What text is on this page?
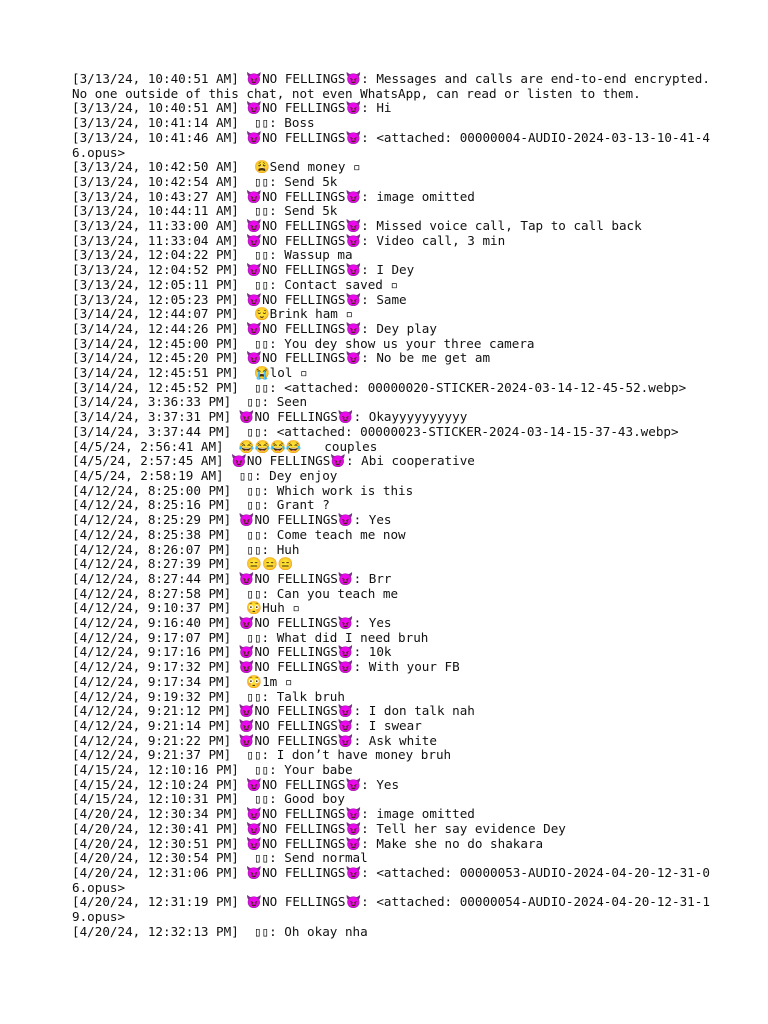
[3/13/24, 10:40:51 AM] 😈NO FELLINGS😈: Messages and calls are end-to-end encrypted. No one outside of this chat, not even WhatsApp, can read or listen to them.
[3/13/24, 10:40:51 AM] 😈NO FELLINGS😈: Hi
[3/13/24, 10:41:14 AM]  ▯▯: Boss
[3/13/24, 10:41:46 AM] 😈NO FELLINGS😈: <attached: 00000004-AUDIO-2024-03-13-10-41-46.opus>
[3/13/24, 10:42:50 AM]  😩Send money ▫
[3/13/24, 10:42:54 AM]  ▯▯: Send 5k
[3/13/24, 10:43:27 AM] 😈NO FELLINGS😈: image omitted
[3/13/24, 10:44:11 AM]  ▯▯: Send 5k
[3/13/24, 11:33:00 AM] 😈NO FELLINGS😈: Missed voice call, Tap to call back
[3/13/24, 11:33:04 AM] 😈NO FELLINGS😈: Video call, 3 min
[3/13/24, 12:04:22 PM]  ▯▯: Wassup ma
[3/13/24, 12:04:52 PM] 😈NO FELLINGS😈: I Dey
[3/13/24, 12:05:11 PM]  ▯▯: Contact saved ▫
[3/13/24, 12:05:23 PM] 😈NO FELLINGS😈: Same
[3/14/24, 12:44:07 PM]  😌Brink ham ▫
[3/14/24, 12:44:26 PM] 😈NO FELLINGS😈: Dey play
[3/14/24, 12:45:00 PM]  ▯▯: You dey show us your three camera
[3/14/24, 12:45:20 PM] 😈NO FELLINGS😈: No be me get am
[3/14/24, 12:45:51 PM]  😭lol ▫
[3/14/24, 12:45:52 PM]  ▯▯: <attached: 00000020-STICKER-2024-03-14-12-45-52.webp>
[3/14/24, 3:36:33 PM]  ▯▯: Seen
[3/14/24, 3:37:31 PM] 😈NO FELLINGS😈: Okayyyyyyyyyy
[3/14/24, 3:37:44 PM]  ▯▯: <attached: 00000023-STICKER-2024-03-14-15-37-43.webp>
[4/5/24, 2:56:41 AM]  😂😂😂😂   couples
[4/5/24, 2:57:45 AM] 😈NO FELLINGS😈: Abi cooperative
[4/5/24, 2:58:19 AM]  ▯▯: Dey enjoy
[4/12/24, 8:25:00 PM]  ▯▯: Which work is this
[4/12/24, 8:25:16 PM]  ▯▯: Grant ?
[4/12/24, 8:25:29 PM] 😈NO FELLINGS😈: Yes
[4/12/24, 8:25:38 PM]  ▯▯: Come teach me now
[4/12/24, 8:26:07 PM]  ▯▯: Huh
[4/12/24, 8:27:39 PM]  😑😑😑
[4/12/24, 8:27:44 PM] 😈NO FELLINGS😈: Brr
[4/12/24, 8:27:58 PM]  ▯▯: Can you teach me
[4/12/24, 9:10:37 PM]  😳Huh ▫
[4/12/24, 9:16:40 PM] 😈NO FELLINGS😈: Yes
[4/12/24, 9:17:07 PM]  ▯▯: What did I need bruh
[4/12/24, 9:17:16 PM] 😈NO FELLINGS😈: 10k
[4/12/24, 9:17:32 PM] 😈NO FELLINGS😈: With your FB
[4/12/24, 9:17:34 PM]  😳1m ▫
[4/12/24, 9:19:32 PM]  ▯▯: Talk bruh
[4/12/24, 9:21:12 PM] 😈NO FELLINGS😈: I don talk nah
[4/12/24, 9:21:14 PM] 😈NO FELLINGS😈: I swear
[4/12/24, 9:21:22 PM] 😈NO FELLINGS😈: Ask white
[4/12/24, 9:21:37 PM]  ▯▯: I don’t have money bruh
[4/15/24, 12:10:16 PM]  ▯▯: Your babe
[4/15/24, 12:10:24 PM] 😈NO FELLINGS😈: Yes
[4/15/24, 12:10:31 PM]  ▯▯: Good boy
[4/20/24, 12:30:34 PM] 😈NO FELLINGS😈: image omitted
[4/20/24, 12:30:41 PM] 😈NO FELLINGS😈: Tell her say evidence Dey
[4/20/24, 12:30:51 PM] 😈NO FELLINGS😈: Make she no do shakara
[4/20/24, 12:30:54 PM]  ▯▯: Send normal
[4/20/24, 12:31:06 PM] 😈NO FELLINGS😈: <attached: 00000053-AUDIO-2024-04-20-12-31-06.opus>
[4/20/24, 12:31:19 PM] 😈NO FELLINGS😈: <attached: 00000054-AUDIO-2024-04-20-12-31-19.opus>
[4/20/24, 12:32:13 PM]  ▯▯: Oh okay nha
